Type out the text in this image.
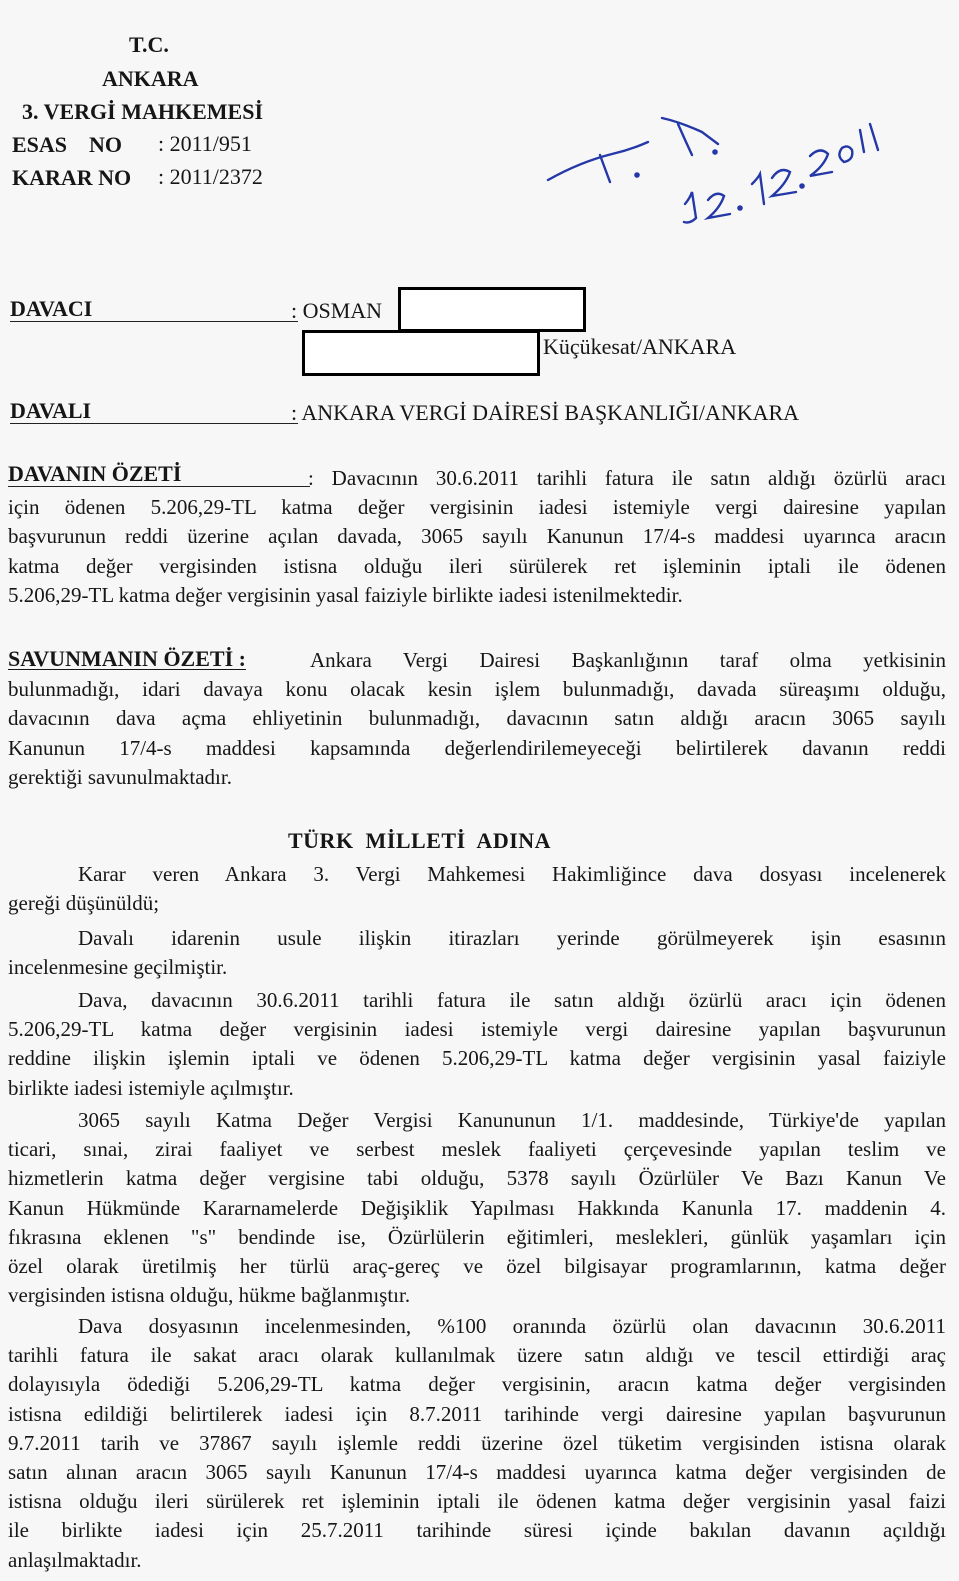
T.C.
ANKARA
3. VERGİ MAHKEMESİ
ESAS    NO : 2011/951
KARAR NO : 2011/2372
DAVACI	: OSMAN
Küçükesat/ANKARA
DAVALI	: ANKARA VERGİ DAİRESİ BAŞKANLIĞI/ANKARA
DAVANIN ÖZETİ	: Davacının 30.6.2011 tarihli fatura ile satın aldığı özürlü aracı
için ödenen 5.206,29-TL katma değer vergisinin iadesi istemiyle vergi dairesine yapılan
başvurunun reddi üzerine açılan davada, 3065 sayılı Kanunun 17/4-s maddesi uyarınca aracın
katma değer vergisinden istisna olduğu ileri sürülerek ret işleminin iptali ile ödenen
5.206,29-TL katma değer vergisinin yasal faiziyle birlikte iadesi istenilmektedir.
SAVUNMANIN ÖZETİ :	Ankara Vergi Dairesi Başkanlığının taraf olma yetkisinin
bulunmadığı, idari davaya konu olacak kesin işlem bulunmadığı, davada süreaşımı olduğu,
davacının dava açma ehliyetinin bulunmadığı, davacının satın aldığı aracın 3065 sayılı
Kanunun 17/4-s maddesi kapsamında değerlendirilemeyeceği belirtilerek davanın reddi
gerektiği savunulmaktadır.
TÜRK  MİLLETİ  ADINA
Karar veren Ankara 3. Vergi Mahkemesi Hakimliğince dava dosyası incelenerek
gereği düşünüldü;
Davalı idarenin usule ilişkin itirazları yerinde görülmeyerek işin esasının
incelenmesine geçilmiştir.
Dava, davacının 30.6.2011 tarihli fatura ile satın aldığı özürlü aracı için ödenen
5.206,29-TL katma değer vergisinin iadesi istemiyle vergi dairesine yapılan başvurunun
reddine ilişkin işlemin iptali ve ödenen 5.206,29-TL katma değer vergisinin yasal faiziyle
birlikte iadesi istemiyle açılmıştır.
3065 sayılı Katma Değer Vergisi Kanununun 1/1. maddesinde, Türkiye'de yapılan
ticari, sınai, zirai faaliyet ve serbest meslek faaliyeti çerçevesinde yapılan teslim ve
hizmetlerin katma değer vergisine tabi olduğu, 5378 sayılı Özürlüler Ve Bazı Kanun Ve
Kanun Hükmünde Kararnamelerde Değişiklik Yapılması Hakkında Kanunla 17. maddenin 4.
fıkrasına eklenen "s" bendinde ise, Özürlülerin eğitimleri, meslekleri, günlük yaşamları için
özel olarak üretilmiş her türlü araç-gereç ve özel bilgisayar programlarının, katma değer
vergisinden istisna olduğu, hükme bağlanmıştır.
Dava dosyasının incelenmesinden, %100 oranında özürlü olan davacının 30.6.2011
tarihli fatura ile sakat aracı olarak kullanılmak üzere satın aldığı ve tescil ettirdiği araç
dolayısıyla ödediği 5.206,29-TL katma değer vergisinin, aracın katma değer vergisinden
istisna edildiği belirtilerek iadesi için 8.7.2011 tarihinde vergi dairesine yapılan başvurunun
9.7.2011 tarih ve 37867 sayılı işlemle reddi üzerine özel tüketim vergisinden istisna olarak
satın alınan aracın 3065 sayılı Kanunun 17/4-s maddesi uyarınca katma değer vergisinden de
istisna olduğu ileri sürülerek ret işleminin iptali ile ödenen katma değer vergisinin yasal faizi
ile birlikte iadesi için 25.7.2011 tarihinde süresi içinde bakılan davanın açıldığı
anlaşılmaktadır.
